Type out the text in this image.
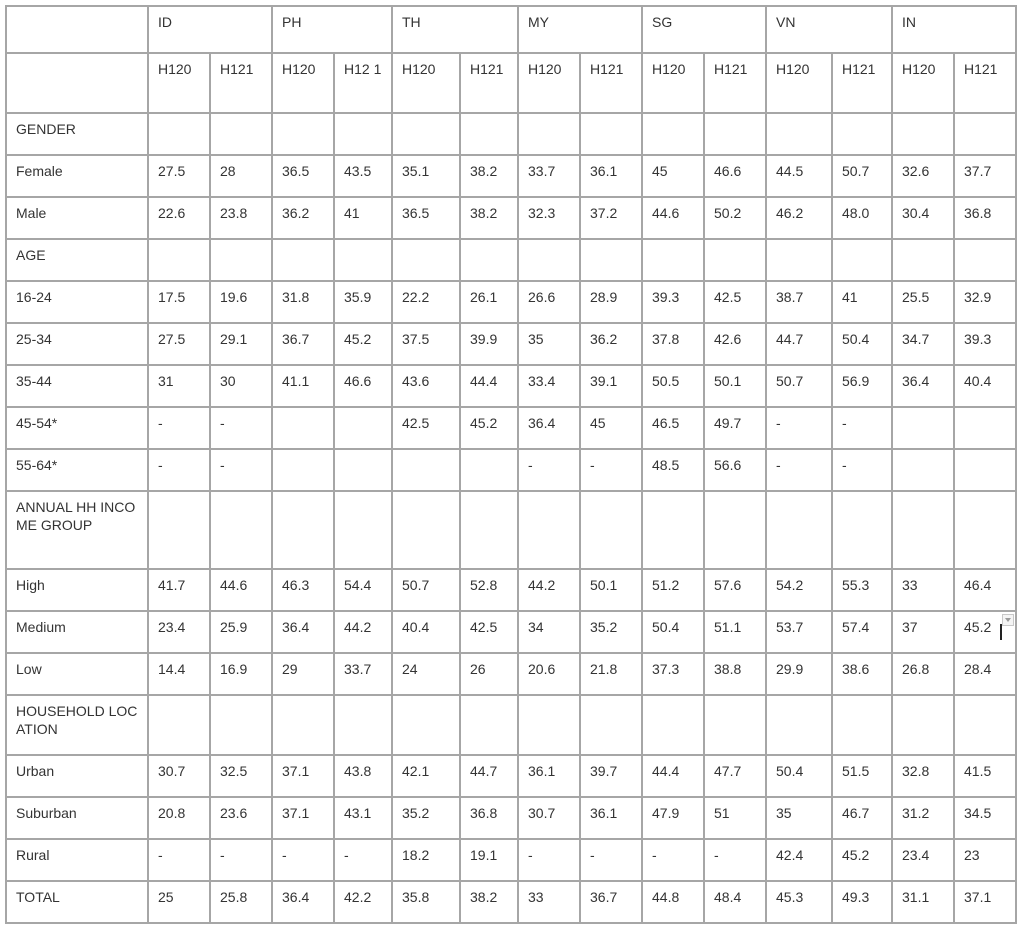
	ID		PH		TH		MY		SG		VN		IN	
	H120	H121	H120	H12 1	H120	H121	H120	H121	H120	H121	H120	H121	H120	H121
GENDER	

Female	27.5	28	36.5	43.5	35.1	38.2	33.7	36.1	45	46.6	44.5	50.7	32.6	37.7

Male	22.6	23.8	36.2	41	36.5	38.2	32.3	37.2	44.6	50.2	46.2	48.0	30.4	36.8

AGE	

16-24	17.5	19.6	31.8	35.9	22.2	26.1	26.6	28.9	39.3	42.5	38.7	41	25.5	32.9

25-34	27.5	29.1	36.7	45.2	37.5	39.9	35	36.2	37.8	42.6	44.7	50.4	34.7	39.3

35-44	31	30	41.1	46.6	43.6	44.4	33.4	39.1	50.5	50.1	50.7	56.9	36.4	40.4

45-54*	-	-			42.5	45.2	36.4	45	46.5	49.7	-	-		

55-64*	-	-					-	-	48.5	56.6	-	-		

ANNUAL HH INCOME GROUP	

High	41.7	44.6	46.3	54.4	50.7	52.8	44.2	50.1	51.2	57.6	54.2	55.3	33	46.4

Medium	23.4	25.9	36.4	44.2	40.4	42.5	34	35.2	50.4	51.1	53.7	57.4	37	45.2

Low	14.4	16.9	29	33.7	24	26	20.6	21.8	37.3	38.8	29.9	38.6	26.8	28.4

HOUSEHOLD LOCATION	

Urban	30.7	32.5	37.1	43.8	42.1	44.7	36.1	39.7	44.4	47.7	50.4	51.5	32.8	41.5

Suburban	20.8	23.6	37.1	43.1	35.2	36.8	30.7	36.1	47.9	51	35	46.7	31.2	34.5

Rural	-	-	-	-	18.2	19.1	-	-	-	-	42.4	45.2	23.4	23

TOTAL	25	25.8	36.4	42.2	35.8	38.2	33	36.7	44.8	48.4	45.3	49.3	31.1	37.1
